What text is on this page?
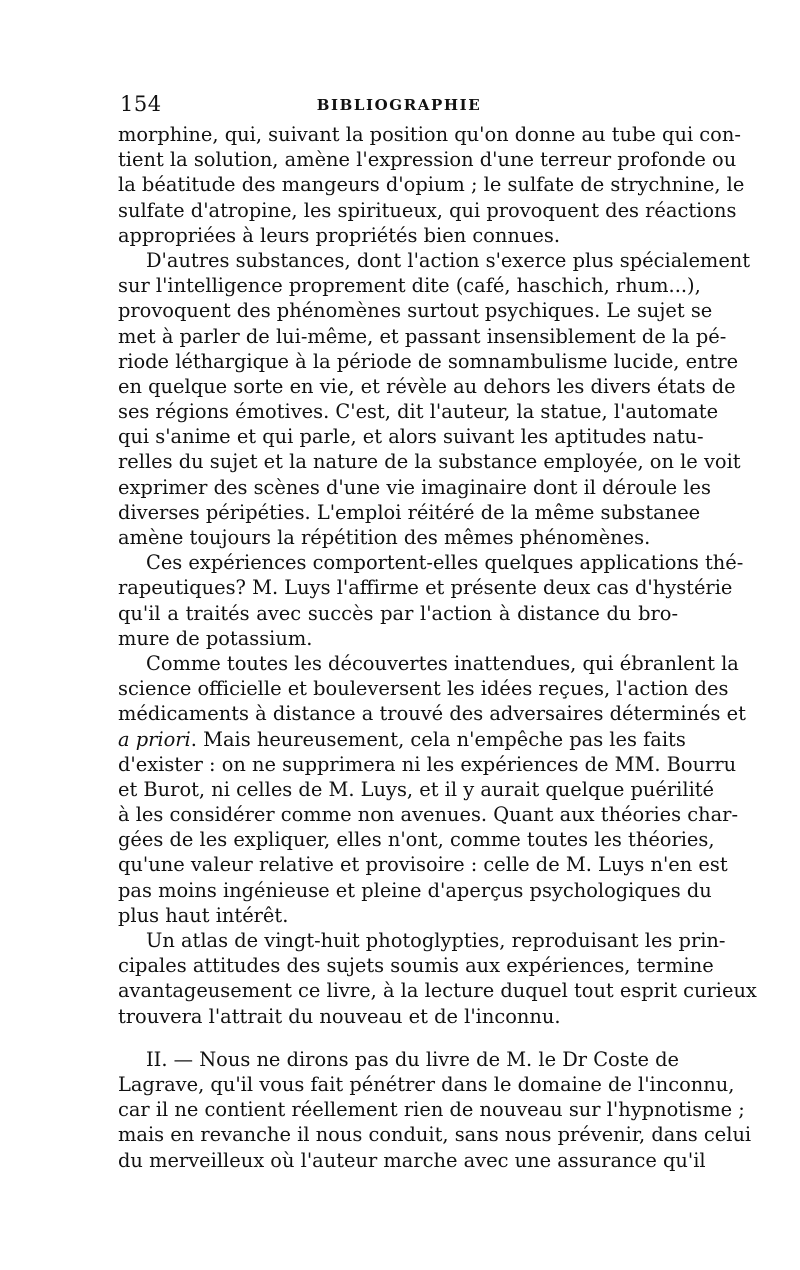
154	BIBLIOGRAPHIE
morphine, qui, suivant la position qu'on donne au tube qui con-
tient la solution, amène l'expression d'une terreur profonde ou
la béatitude des mangeurs d'opium ; le sulfate de strychnine, le
sulfate d'atropine, les spiritueux, qui provoquent des réactions
appropriées à leurs propriétés bien connues.
D'autres substances, dont l'action s'exerce plus spécialement
sur l'intelligence proprement dite (café, haschich, rhum...),
provoquent des phénomènes surtout psychiques. Le sujet se
met à parler de lui-même, et passant insensiblement de la pé-
riode léthargique à la période de somnambulisme lucide, entre
en quelque sorte en vie, et révèle au dehors les divers états de
ses régions émotives. C'est, dit l'auteur, la statue, l'automate
qui s'anime et qui parle, et alors suivant les aptitudes natu-
relles du sujet et la nature de la substance employée, on le voit
exprimer des scènes d'une vie imaginaire dont il déroule les
diverses péripéties. L'emploi réitéré de la même substanee
amène toujours la répétition des mêmes phénomènes.
Ces expériences comportent-elles quelques applications thé-
rapeutiques? M. Luys l'affirme et présente deux cas d'hystérie
qu'il a traités avec succès par l'action à distance du bro-
mure de potassium.
Comme toutes les découvertes inattendues, qui ébranlent la
science officielle et bouleversent les idées reçues, l'action des
médicaments à distance a trouvé des adversaires déterminés et
a priori. Mais heureusement, cela n'empêche pas les faits
d'exister : on ne supprimera ni les expériences de MM. Bourru
et Burot, ni celles de M. Luys, et il y aurait quelque puérilité
à les considérer comme non avenues. Quant aux théories char-
gées de les expliquer, elles n'ont, comme toutes les théories,
qu'une valeur relative et provisoire : celle de M. Luys n'en est
pas moins ingénieuse et pleine d'aperçus psychologiques du
plus haut intérêt.
Un atlas de vingt-huit photoglypties, reproduisant les prin-
cipales attitudes des sujets soumis aux expériences, termine
avantageusement ce livre, à la lecture duquel tout esprit curieux
trouvera l'attrait du nouveau et de l'inconnu.
II. — Nous ne dirons pas du livre de M. le Dr Coste de
Lagrave, qu'il vous fait pénétrer dans le domaine de l'inconnu,
car il ne contient réellement rien de nouveau sur l'hypnotisme ;
mais en revanche il nous conduit, sans nous prévenir, dans celui
du merveilleux où l'auteur marche avec une assurance qu'il
